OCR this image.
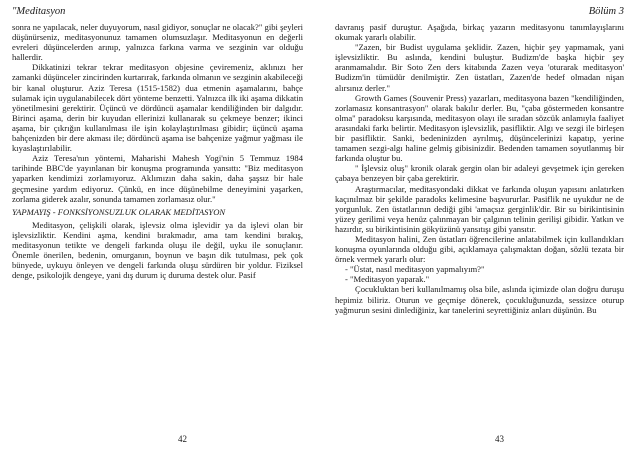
"Meditasyon

sonra ne yapılacak, neler duyuyorum, nasıl gidiyor, sonuçlar ne olacak?" gibi şeyleri düşünürseniz, meditasyonunuz tamamen olumsuzlaşır. Meditasyonun en değerli evreleri düşüncelerden arınıp, yalnızca farkına varma ve sezginin var olduğu hallerdir.

Dikkatinizi tekrar tekrar meditasyon objesine çeviremeniz, aklınızı her zamanki düşünceler zincirinden kurtarırak, farkında olmanın ve sezginin akabileceği bir kanal oluşturur. Aziz Teresa (1515-1582) dua etmenin aşamalarını, bahçe sulamak için uygulanabilecek dört yönteme benzetti. Yalnızca ilk iki aşama dikkatin yönetilmesini gerektirir. Üçüncü ve dördüncü aşamalar kendiliğinden bir dalgıdır. Birinci aşama, derin bir kuyudan ellerinizi kullanarak su çekmeye benzer; ikinci aşama, bir çıkrığın kullanılması ile işin kolaylaştırılması gibidir; üçüncü aşama bahçenizden bir dere akması ile; dördüncü aşama ise bahçenize yağmur yağması ile kıyaslaştırılabilir.

Aziz Teresa'nın yöntemi, Maharishi Mahesh Yogi'nin 5 Temmuz 1984 tarihinde BBC'de yayınlanan bir konuşma programında yansıttı: "Biz meditasyon yaparken kendimizi zorlamıyoruz. Aklımızın daha sakin, daha şaşsız bir hale geçmesine yardım ediyoruz. Çünkü, en ince düşünebilme deneyimini yaşarken, zorlama giderek azalır, sonunda tamamen zorlamasız olur."

YAPMAYIŞ - FONKSİYONSUZLUK OLARAK MEDİTASYON

Meditasyon, çelişkili olarak, işlevsiz olma işlevidir ya da işlevi olan bir işlevsizliktir. Kendini aşma, kendini bırakmadır, ama tam kendini bırakış, meditasyonun tetikte ve dengeli farkında oluşu ile değil, uyku ile sonuçlanır. Önemle önerilen, bedenin, omurganın, boynun ve başın dik tutulması, pek çok bünyede, uykuyu önleyen ve dengeli farkında oluşu sürdüren bir yoldur. Fiziksel denge, psikolojik dengeye, yani dış durum iç duruma destek olur. Pasif

42
Bölüm 3

davranış pasif duruştur. Aşağıda, birkaç yazarın meditasyonu tanımlayışlarını okumak yararlı olabilir.

"Zazen, bir Budist uygulama şeklidir. Zazen, hiçbir şey yapmamak, yani işlevsizliktir. Bu aslında, kendini buluştur. Budizm'de başka hiçbir şey aranmamalıdır. Bir Soto Zen ders kitabında Zazen veya 'oturarak meditasyon' Budizm'in tümüdür denilmiştir. Zen üstatları, Zazen'de hedef olmadan nişan alırsınız derler."

Growth Games (Souvenir Press) yazarları, meditasyona bazen "kendiliğinden, zorlamasız konsantrasyon" olarak bakılır derler. Bu, "çaba göstermeden konsantre olma" paradoksu karşısında, meditasyon olayı ile sıradan sözcük anlamıyla faaliyet arasındaki farkı belirtir. Meditasyon işlevsizlik, pasifliktir. Algı ve sezgi ile birleşen bir pasifliktir. Sanki, bedeninizden ayrılmış, düşüncelerinizi kapatıp, yerine tamamen sezgi-algı haline gelmiş gibisinizdir. Bedenden tamamen soyutlanmış bir farkında oluştur bu.

" İşlevsiz oluş" kronik olarak gergin olan bir adaleyi gevşetmek için gereken çabaya benzeyen bir çaba gerektirir.

Araştırmacılar, meditasyondaki dikkat ve farkında oluşun yapısını anlatırken kaçınılmaz bir şekilde paradoks kelimesine başvururlar. Pasiflik ne uyukdur ne de yorgunluk. Zen üstatlarının dediği gibi 'amaçsız gerginlik'dir. Bir su birikintisinin yüzey gerilimi veya henüz çalınmayan bir çalgının telinin gerilişi gibidir. Yatkın ve hazırdır, su birikintisinin gökyüzünü yansıtışı gibi yansıtır.

Meditasyon halini, Zen üstatları öğrencilerine anlatabilmek için kullandıkları konuşma oyunlarında olduğu gibi, açıklamaya çalışmaktan doğan, sözlü tezata bir örnek vermek yararlı olur:

- "Üstat, nasıl meditasyon yapmalıyım?"

- "Meditasyon yaparak."

Çocukluktan beri kullanılmamış olsa bile, aslında içimizde olan doğru duruşu hepimiz biliriz. Oturun ve geçmişe dönerek, çocukluğunuzda, sessizce oturup yağmurun sesini dinlediğiniz, kar tanelerini seyrettiğiniz anları düşünün. Bu

43
